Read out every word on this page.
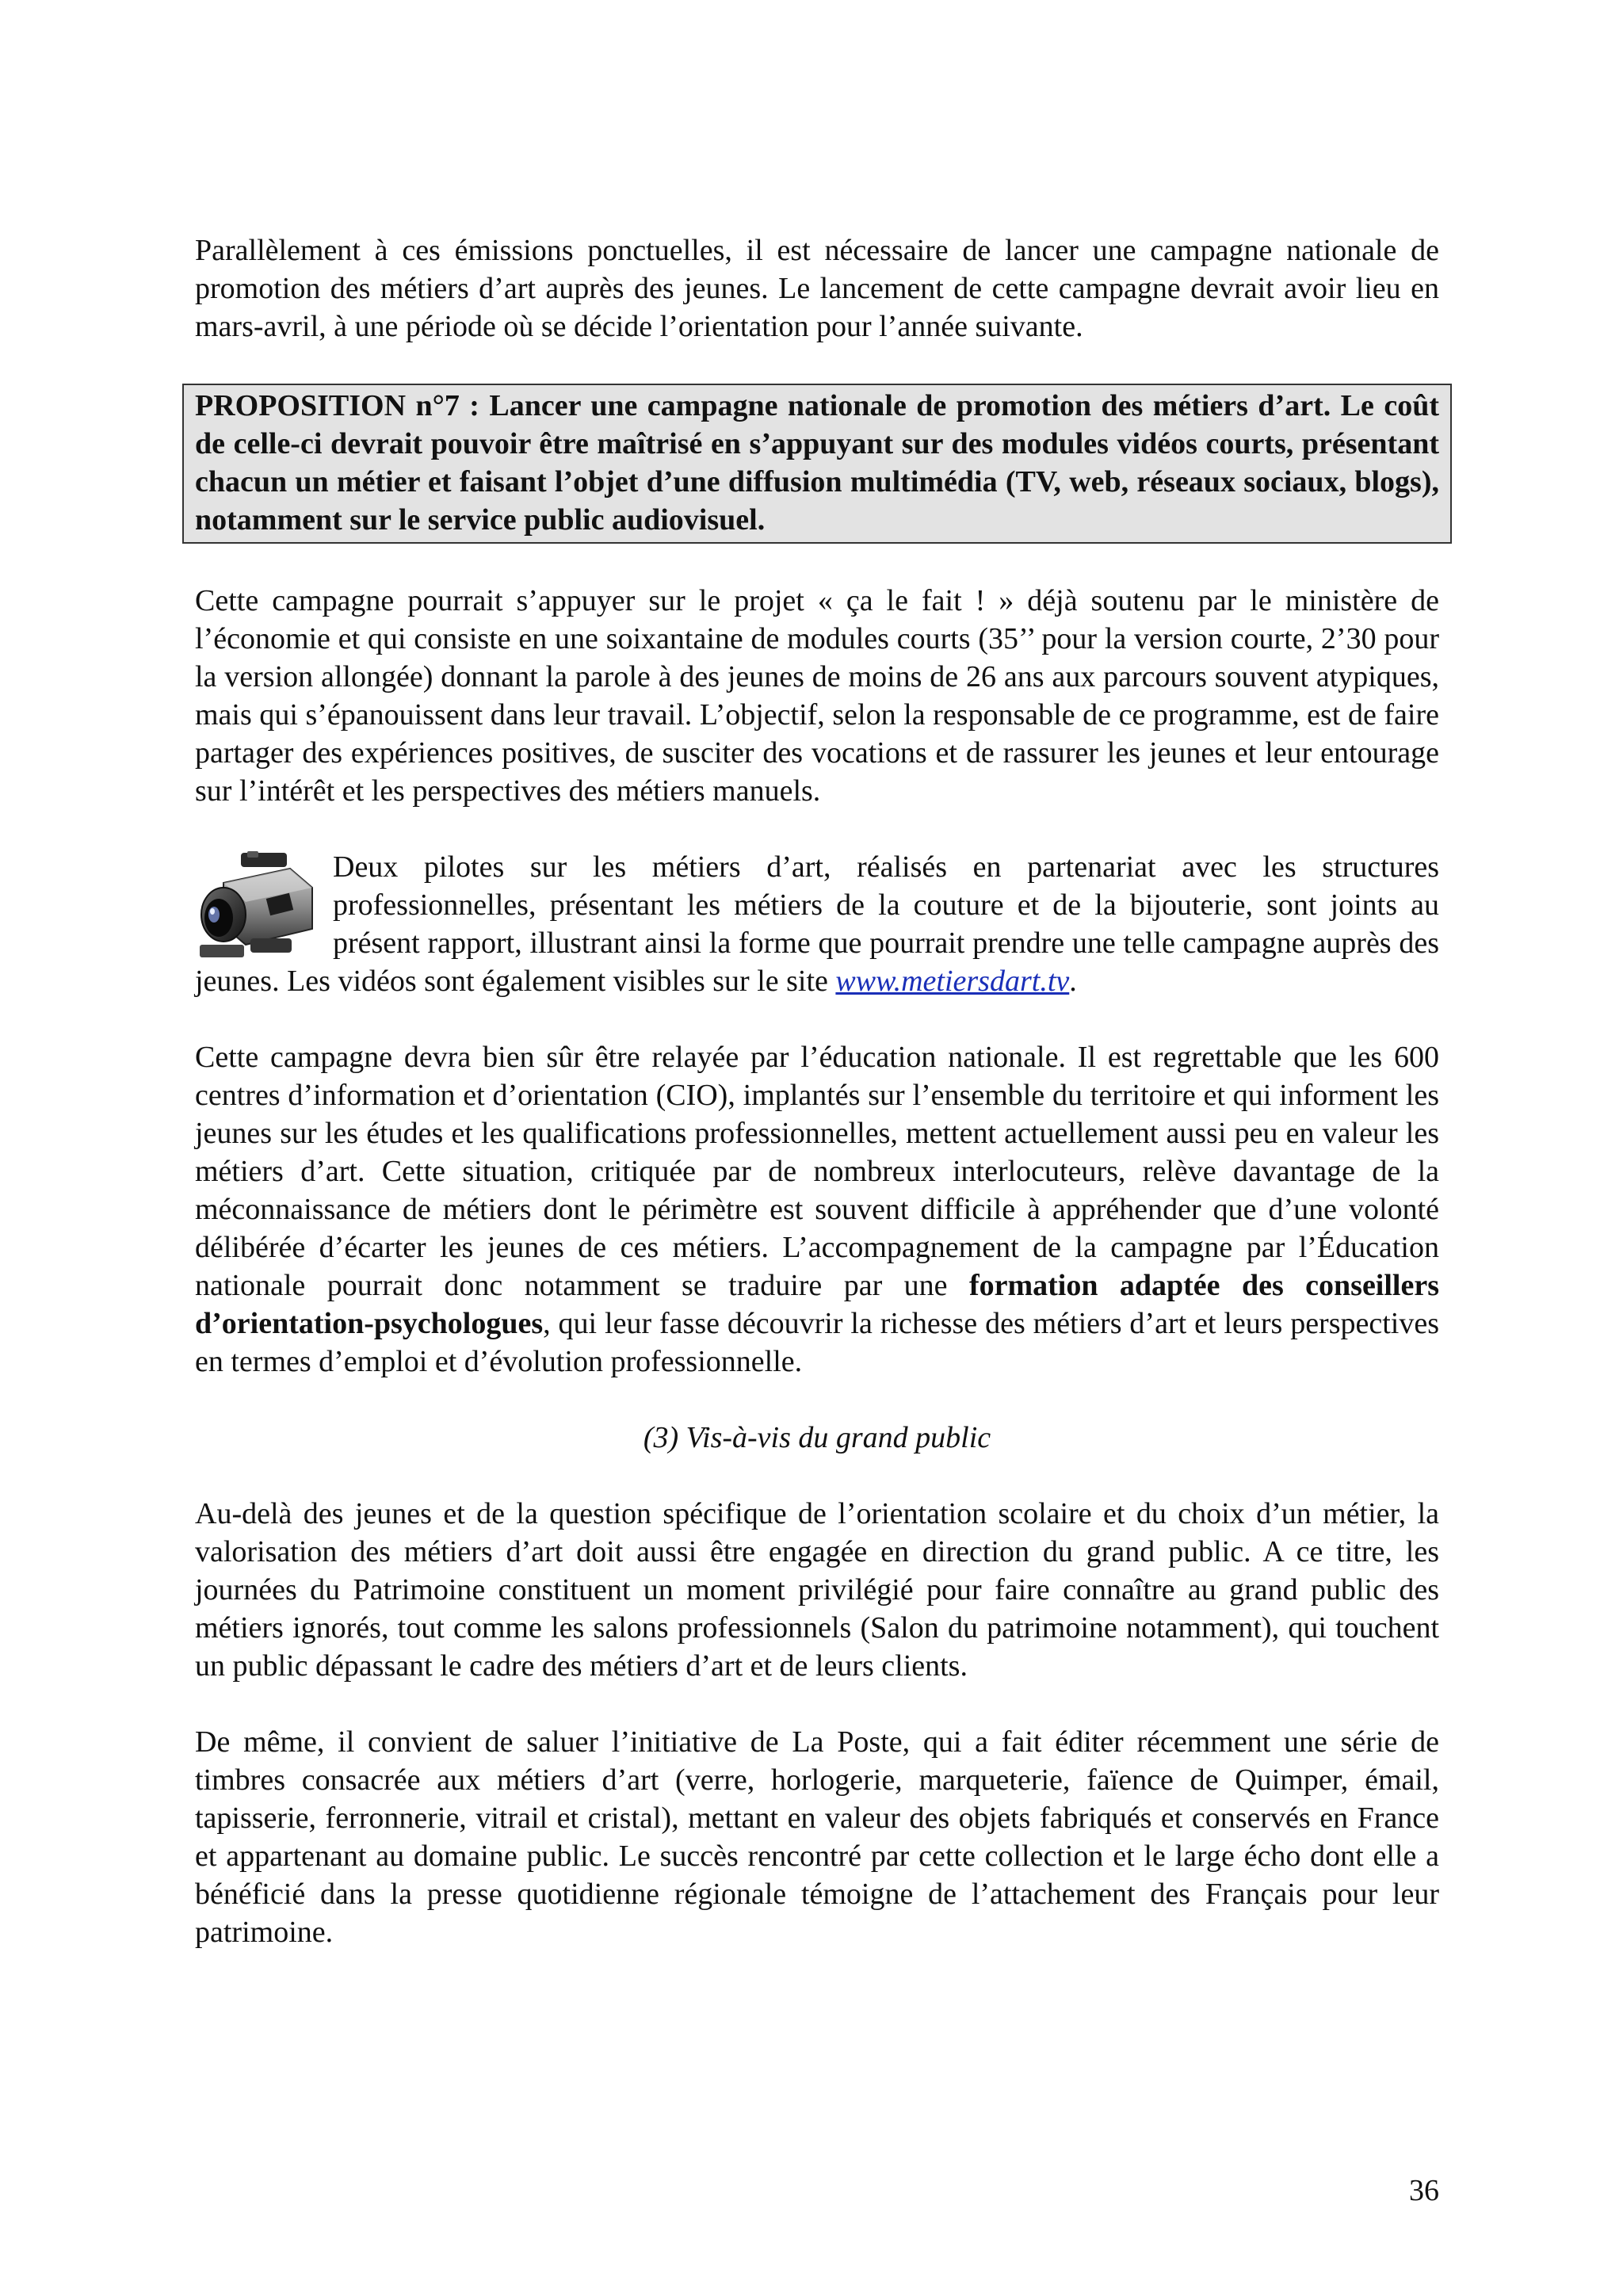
Parallèlement à ces émissions ponctuelles, il est nécessaire de lancer une campagne nationale de promotion des métiers d’art auprès des jeunes. Le lancement de cette campagne devrait avoir lieu en mars-avril, à une période où se décide l’orientation pour l’année suivante.

PROPOSITION n°7 : Lancer une campagne nationale de promotion des métiers d’art. Le coût de celle-ci devrait pouvoir être maîtrisé en s’appuyant sur des modules vidéos courts, présentant chacun un métier et faisant l’objet d’une diffusion multimédia (TV, web, réseaux sociaux, blogs), notamment sur le service public audiovisuel.

Cette campagne pourrait s’appuyer sur le projet « ça le fait ! » déjà soutenu par le ministère de l’économie et qui consiste en une soixantaine de modules courts (35’’ pour la version courte, 2’30 pour la version allongée) donnant la parole à des jeunes de moins de 26 ans aux parcours souvent atypiques, mais qui s’épanouissent dans leur travail. L’objectif, selon la responsable de ce programme, est de faire partager des expériences positives, de susciter des vocations et de rassurer les jeunes et leur entourage sur l’intérêt et les perspectives des métiers manuels.

Deux pilotes sur les métiers d’art, réalisés en partenariat avec les structures professionnelles, présentant les métiers de la couture et de la bijouterie, sont joints au présent rapport, illustrant ainsi la forme que pourrait prendre une telle campagne auprès des jeunes. Les vidéos sont également visibles sur le site www.metiersdart.tv.

Cette campagne devra bien sûr être relayée par l’éducation nationale. Il est regrettable que les 600 centres d’information et d’orientation (CIO), implantés sur l’ensemble du territoire et qui informent les jeunes sur les études et les qualifications professionnelles, mettent actuellement aussi peu en valeur les métiers d’art. Cette situation, critiquée par de nombreux interlocuteurs, relève davantage de la méconnaissance de métiers dont le périmètre est souvent difficile à appréhender que d’une volonté délibérée d’écarter les jeunes de ces métiers. L’accompagnement de la campagne par l’Éducation nationale pourrait donc notamment se traduire par une formation adaptée des conseillers d’orientation-psychologues, qui leur fasse découvrir la richesse des métiers d’art et leurs perspectives en termes d’emploi et d’évolution professionnelle.

(3) Vis-à-vis du grand public

Au-delà des jeunes et de la question spécifique de l’orientation scolaire et du choix d’un métier, la valorisation des métiers d’art doit aussi être engagée en direction du grand public. A ce titre, les journées du Patrimoine constituent un moment privilégié pour faire connaître au grand public des métiers ignorés, tout comme les salons professionnels (Salon du patrimoine notamment), qui touchent un public dépassant le cadre des métiers d’art et de leurs clients.

De même, il convient de saluer l’initiative de La Poste, qui a fait éditer récemment une série de timbres consacrée aux métiers d’art (verre, horlogerie, marqueterie, faïence de Quimper, émail, tapisserie, ferronnerie, vitrail et cristal), mettant en valeur des objets fabriqués et conservés en France et appartenant au domaine public. Le succès rencontré par cette collection et le large écho dont elle a bénéficié dans la presse quotidienne régionale témoigne de l’attachement des Français pour leur patrimoine.

36
